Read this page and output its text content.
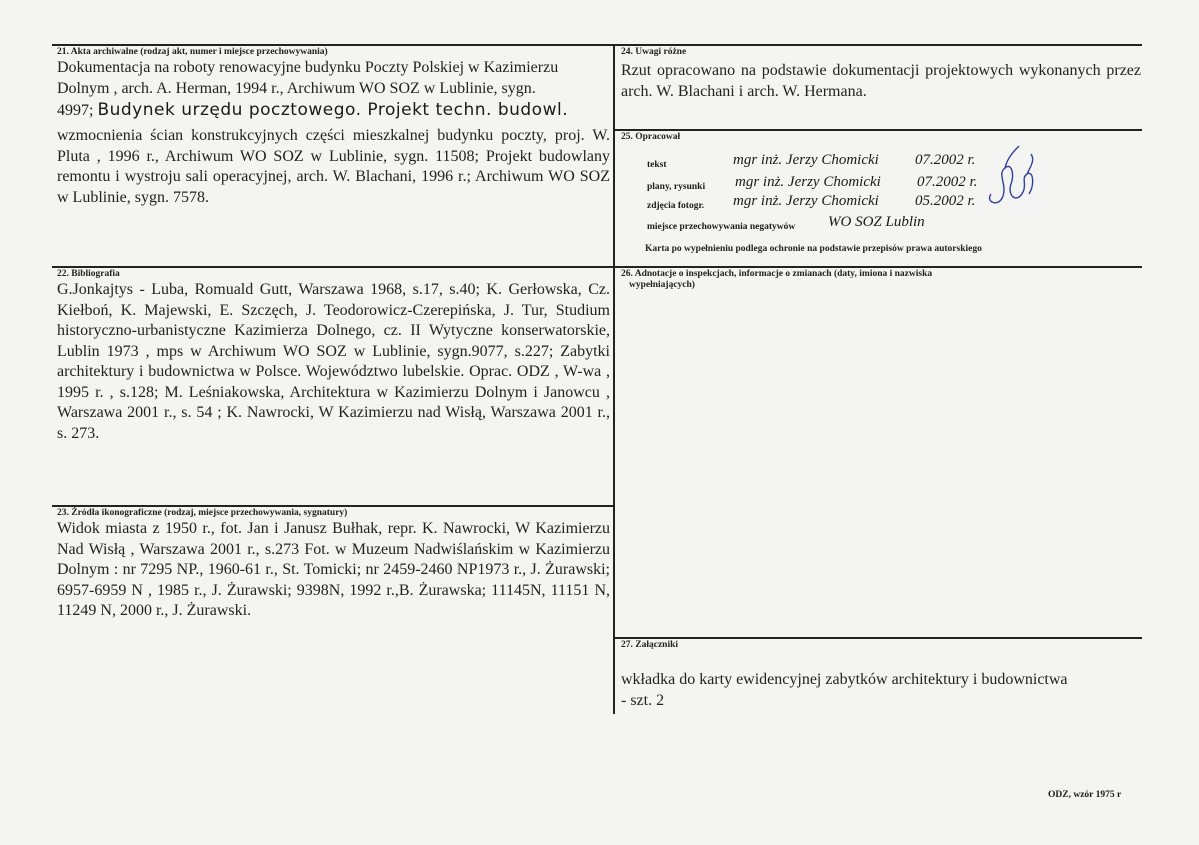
21. Akta archiwalne (rodzaj akt, numer i miejsce przechowywania)
Dokumentacja na roboty renowacyjne budynku Poczty Polskiej w Kazimierzu
Dolnym , arch. A. Herman, 1994 r., Archiwum WO SOZ w Lublinie, sygn.
4997; Budynek urzędu pocztowego. Projekt techn. budowl.
wzmocnienia ścian konstrukcyjnych części mieszkalnej budynku poczty, proj. W. Pluta , 1996 r., Archiwum WO SOZ w Lublinie, sygn. 11508; Projekt budowlany remontu i wystroju sali operacyjnej, arch. W. Blachani, 1996 r.; Archiwum WO SOZ w Lublinie, sygn. 7578.
22. Bibliografia
G.Jonkajtys - Luba, Romuald Gutt, Warszawa 1968, s.17, s.40; K. Gerłowska, Cz. Kiełboń, K. Majewski, E. Szczęch, J. Teodorowicz-Czerepińska, J. Tur, Studium historyczno-urbanistyczne Kazimierza Dolnego, cz. II Wytyczne konserwatorskie, Lublin 1973 , mps w Archiwum WO SOZ w Lublinie, sygn.9077, s.227; Zabytki architektury i budownictwa w Polsce. Województwo lubelskie. Oprac. ODZ , W-wa , 1995 r. , s.128; M. Leśniakowska, Architektura w Kazimierzu Dolnym i Janowcu , Warszawa 2001 r., s. 54 ; K. Nawrocki, W Kazimierzu nad Wisłą, Warszawa 2001 r., s. 273.
23. Źródła ikonograficzne (rodzaj, miejsce przechowywania, sygnatury)
Widok miasta z 1950 r., fot. Jan i Janusz Bułhak, repr. K. Nawrocki, W Kazimierzu Nad Wisłą , Warszawa 2001 r., s.273 Fot. w Muzeum Nadwiślańskim w Kazimierzu Dolnym : nr 7295 NP., 1960-61 r., St. Tomicki; nr 2459-2460 NP1973 r., J. Żurawski; 6957-6959 N , 1985 r., J. Żurawski; 9398N, 1992 r.,B. Żurawska; 11145N, 11151 N, 11249 N, 2000 r., J. Żurawski.
24. Uwagi różne
Rzut opracowano na podstawie dokumentacji projektowych wykonanych przez arch. W. Blachani i arch. W. Hermana.
25. Opracował
tekst	mgr inż. Jerzy Chomicki 07.2002 r.
plany, rysunki mgr inż. Jerzy Chomicki 07.2002 r.
zdjęcia fotogr. mgr inż. Jerzy Chomicki 05.2002 r.
miejsce przechowywania negatywów WO SOZ Lublin
Karta po wypełnieniu podlega ochronie na podstawie przepisów prawa autorskiego
26. Adnotacje o inspekcjach, informacje o zmianach (daty, imiona i nazwiska
wypełniających)
27. Załączniki
wkładka do karty ewidencyjnej zabytków architektury i budownictwa
- szt. 2
ODZ, wzór 1975 r
